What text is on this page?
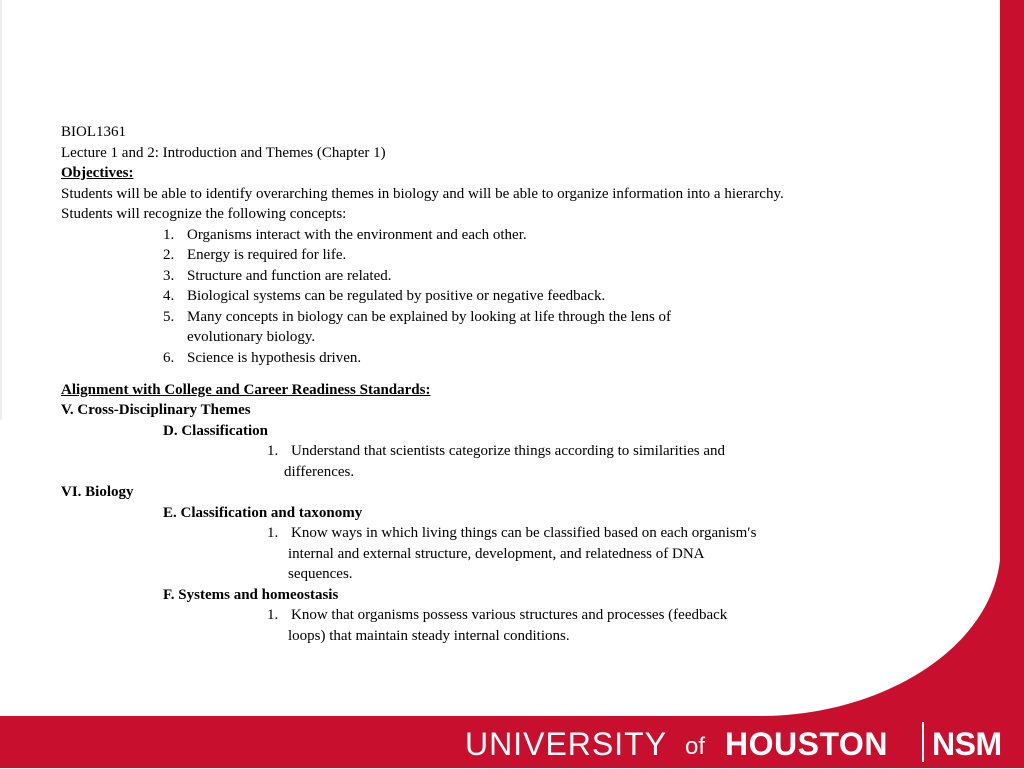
BIOL1361
Lecture 1 and 2: Introduction and Themes (Chapter 1)
Objectives:
Students will be able to identify overarching themes in biology and will be able to organize information into a hierarchy.
Students will recognize the following concepts:
1. Organisms interact with the environment and each other.
2. Energy is required for life.
3. Structure and function are related.
4. Biological systems can be regulated by positive or negative feedback.
5. Many concepts in biology can be explained by looking at life through the lens of
evolutionary biology.
6. Science is hypothesis driven.
Alignment with College and Career Readiness Standards:
V. Cross-Disciplinary Themes
D. Classification
1. Understand that scientists categorize things according to similarities and
differences.
VI. Biology
E. Classification and taxonomy
1. Know ways in which living things can be classified based on each organism′s
internal and external structure, development, and relatedness of DNA
sequences.
F. Systems and homeostasis
1. Know that organisms possess various structures and processes (feedback
loops) that maintain steady internal conditions.
UNIVERSITY of HOUSTON NSM
